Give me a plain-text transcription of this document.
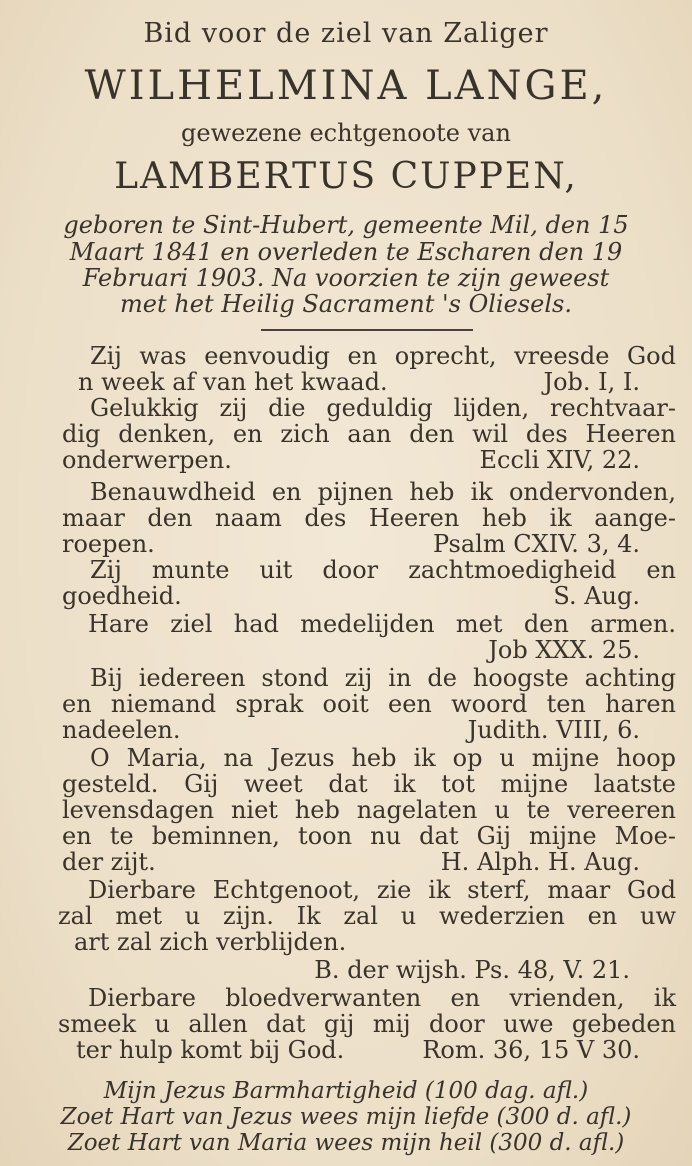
Bid voor de ziel van Zaliger
WILHELMINA LANGE,
gewezene echtgenoote van
LAMBERTUS CUPPEN,
geboren te Sint-Hubert, gemeente Mil, den 15
Maart 1841 en overleden te Escharen den 19
Februari 1903. Na voorzien te zijn geweest
met het Heilig Sacrament 's Oliesels.
Zij was eenvoudig en oprecht, vreesde God
n week af van het kwaad.	Job. I, I.
Gelukkig zij die geduldig lijden, rechtvaar-
dig denken, en zich aan den wil des Heeren
onderwerpen.	Eccli XIV, 22.
Benauwdheid en pijnen heb ik ondervonden,
maar den naam des Heeren heb ik aange-
roepen.	Psalm CXIV. 3, 4.
Zij munte uit door zachtmoedigheid en
goedheid.	S. Aug.
Hare ziel had medelijden met den armen.
Job XXX. 25.
Bij iedereen stond zij in de hoogste achting
en niemand sprak ooit een woord ten haren
nadeelen.	Judith. VIII, 6.
O Maria, na Jezus heb ik op u mijne hoop
gesteld. Gij weet dat ik tot mijne laatste
levensdagen niet heb nagelaten u te vereeren
en te beminnen, toon nu dat Gij mijne Moe-
der zijt.	H. Alph. H. Aug.
Dierbare Echtgenoot, zie ik sterf, maar God
zal met u zijn. Ik zal u wederzien en uw
art zal zich verblijden.
B. der wijsh. Ps. 48, V. 21.
Dierbare bloedverwanten en vrienden, ik
smeek u allen dat gij mij door uwe gebeden
ter hulp komt bij God.	Rom. 36, 15 V 30.
Mijn Jezus Barmhartigheid (100 dag. afl.)
Zoet Hart van Jezus wees mijn liefde (300 d. afl.)
Zoet Hart van Maria wees mijn heil (300 d. afl.)
